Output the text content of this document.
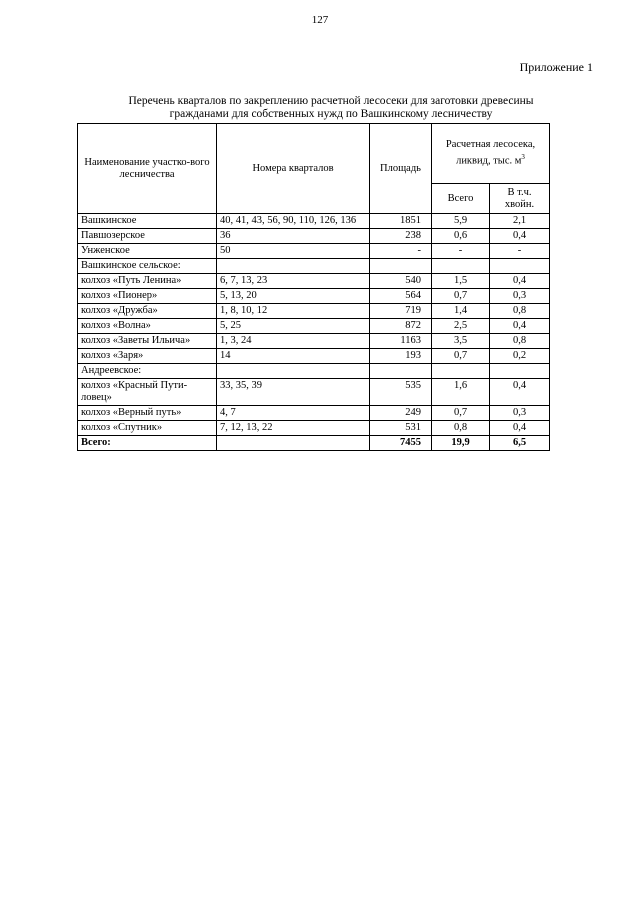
127
Приложение 1
Перечень кварталов по закреплению расчетной лесосеки для заготовки древесины
гражданами для собственных нужд по Вашкинскому лесничеству
Наименование участко-вого лесничества	Номера кварталов	Площадь	Расчетная лесосека, ликвид, тыс. $м^3$
			Всего	В т.ч. хвойн.
Вашкинское	40, 41, 43, 56, 90, 110, 126, 136	1851	5,9	2,1
Павшозерское	36	238	0,6	0,4
Унженское	50	-	-	-
Вашкинское сельское:				
колхоз «Путь Ленина»	6, 7, 13, 23	540	1,5	0,4
колхоз «Пионер»	5, 13, 20	564	0,7	0,3
колхоз «Дружба»	1, 8, 10, 12	719	1,4	0,8
колхоз «Волна»	5, 25	872	2,5	0,4
колхоз «Заветы Ильича»	1, 3, 24	1163	3,5	0,8
колхоз «Заря»	14	193	0,7	0,2
Андреевское:				
колхоз «Красный Пути-ловец»	33, 35, 39	535	1,6	0,4
колхоз «Верный путь»	4, 7	249	0,7	0,3
колхоз «Спутник»	7, 12, 13, 22	531	0,8	0,4
Всего:		7455	19,9	6,5
